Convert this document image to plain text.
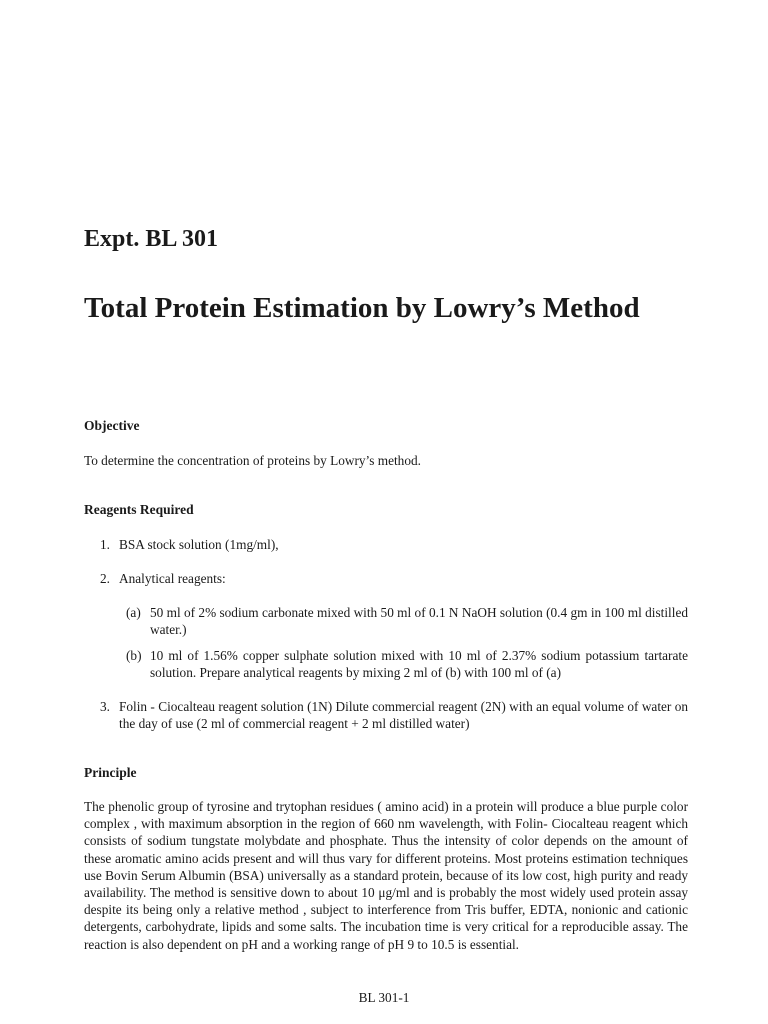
Expt. BL 301
Total Protein Estimation by Lowry’s Method
Objective

To determine the concentration of proteins by Lowry’s method.

Reagents Required
1. BSA stock solution (1mg/ml),
2. Analytical reagents:
(a) 50 ml of 2% sodium carbonate mixed with 50 ml of 0.1 N NaOH solution (0.4 gm in 100 ml distilled water.)
(b) 10 ml of 1.56% copper sulphate solution mixed with 10 ml of 2.37% sodium potassium tartarate solution. Prepare analytical reagents by mixing 2 ml of (b) with 100 ml of (a)
3. Folin - Ciocalteau reagent solution (1N) Dilute commercial reagent (2N) with an equal volume of water on the day of use (2 ml of commercial reagent + 2 ml distilled water)
Principle

The phenolic group of tyrosine and trytophan residues ( amino acid) in a protein will produce a blue purple color complex , with maximum absorption in the region of 660 nm wavelength, with Folin- Ciocalteau reagent which consists of sodium tungstate molybdate and phosphate. Thus the intensity of color depends on the amount of these aromatic amino acids present and will thus vary for different proteins. Most proteins estimation techniques use Bovin Serum Albumin (BSA) universally as a standard protein, because of its low cost, high purity and ready availability. The method is sensitive down to about 10 μg/ml and is probably the most widely used protein assay despite its being only a relative method , subject to interference from Tris buffer, EDTA, nonionic and cationic detergents, carbohydrate, lipids and some salts. The incubation time is very critical for a reproducible assay. The reaction is also dependent on pH and a working range of pH 9 to 10.5 is essential.

BL 301-1
